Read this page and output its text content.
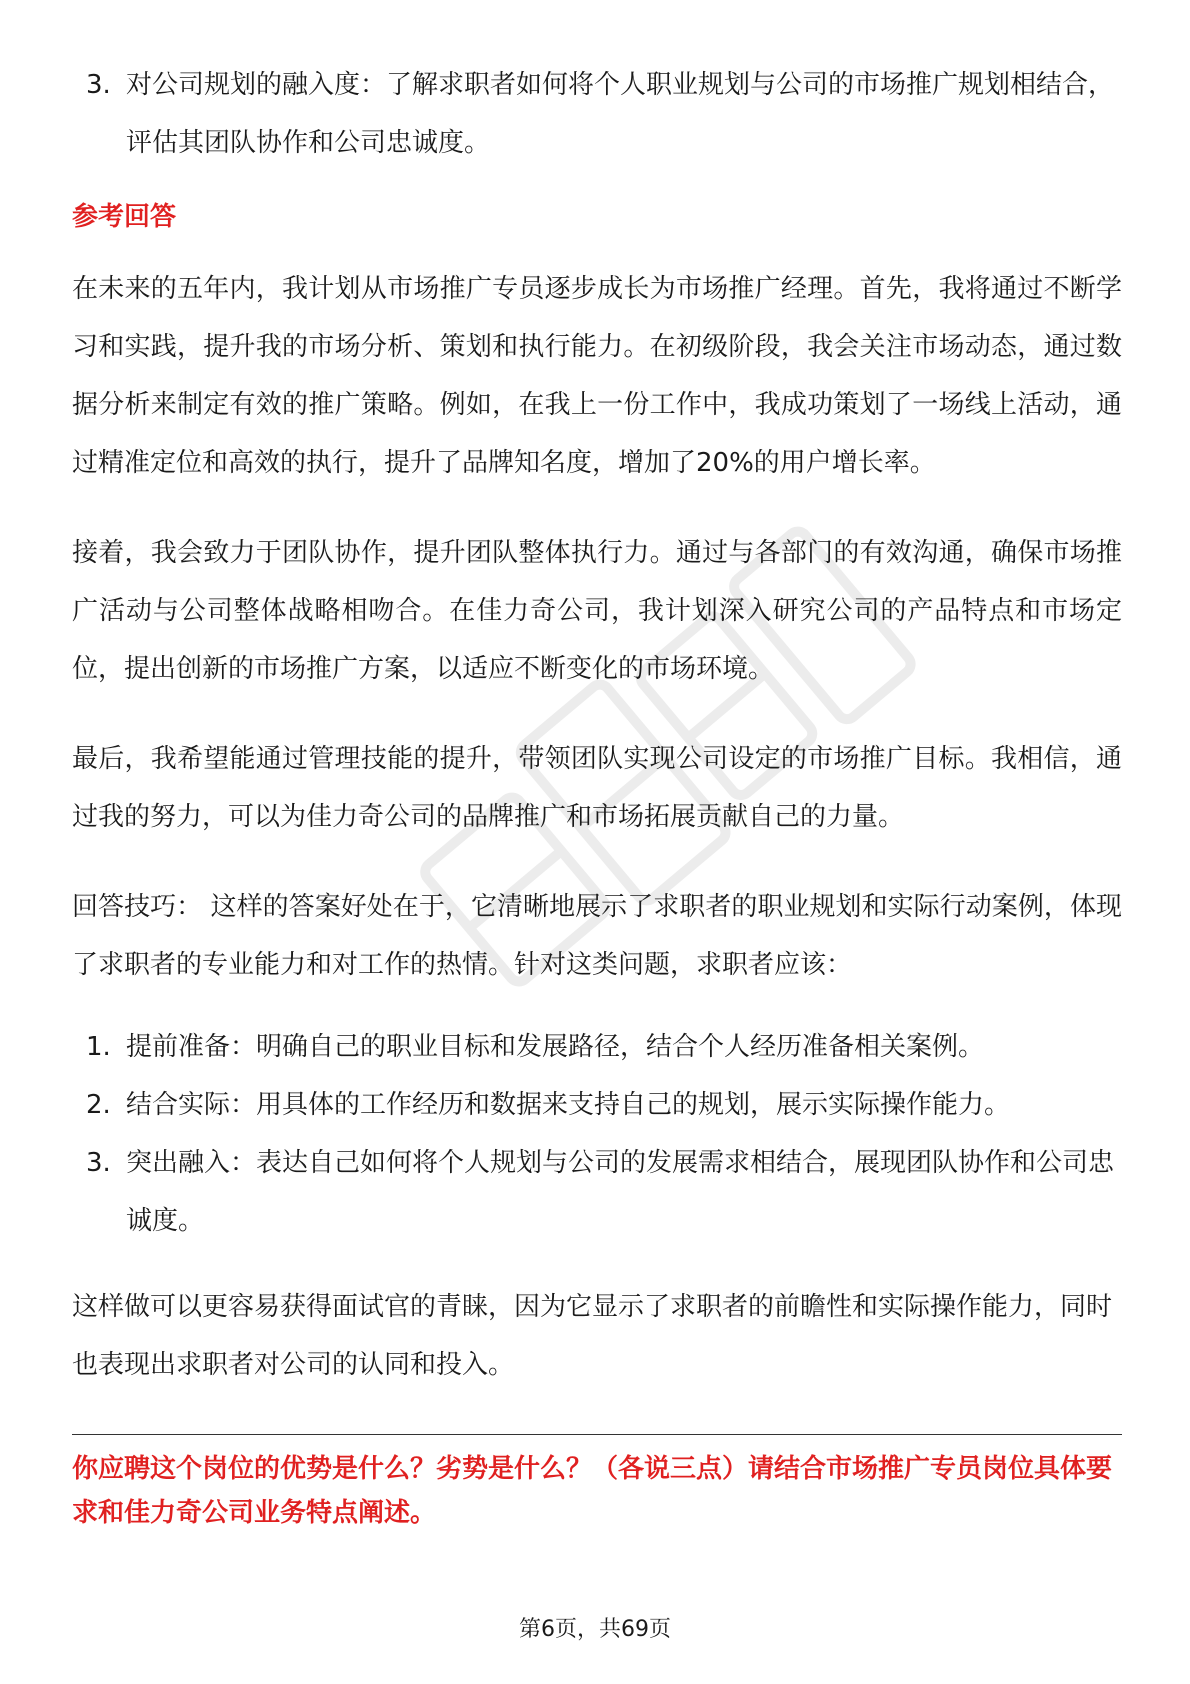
3. 对公司规划的融入度：了解求职者如何将个人职业规划与公司的市场推广规划相结合，评估其团队协作和公司忠诚度。
参考回答

在未来的五年内，我计划从市场推广专员逐步成长为市场推广经理。首先，我将通过不断学习和实践，提升我的市场分析、策划和执行能力。在初级阶段，我会关注市场动态，通过数据分析来制定有效的推广策略。例如，在我上一份工作中，我成功策划了一场线上活动，通过精准定位和高效的执行，提升了品牌知名度，增加了20%的用户增长率。

接着，我会致力于团队协作，提升团队整体执行力。通过与各部门的有效沟通，确保市场推广活动与公司整体战略相吻合。在佳力奇公司，我计划深入研究公司的产品特点和市场定位，提出创新的市场推广方案，以适应不断变化的市场环境。

最后，我希望能通过管理技能的提升，带领团队实现公司设定的市场推广目标。我相信，通过我的努力，可以为佳力奇公司的品牌推广和市场拓展贡献自己的力量。

回答技巧： 这样的答案好处在于，它清晰地展示了求职者的职业规划和实际行动案例，体现了求职者的专业能力和对工作的热情。针对这类问题，求职者应该：

1. 提前准备：明确自己的职业目标和发展路径，结合个人经历准备相关案例。
2. 结合实际：用具体的工作经历和数据来支持自己的规划，展示实际操作能力。
3. 突出融入：表达自己如何将个人规划与公司的发展需求相结合，展现团队协作和公司忠诚度。

这样做可以更容易获得面试官的青睐，因为它显示了求职者的前瞻性和实际操作能力，同时也表现出求职者对公司的认同和投入。

你应聘这个岗位的优势是什么？劣势是什么？（各说三点）请结合市场推广专员岗位具体要求和佳力奇公司业务特点阐述。
第6页，共69页
